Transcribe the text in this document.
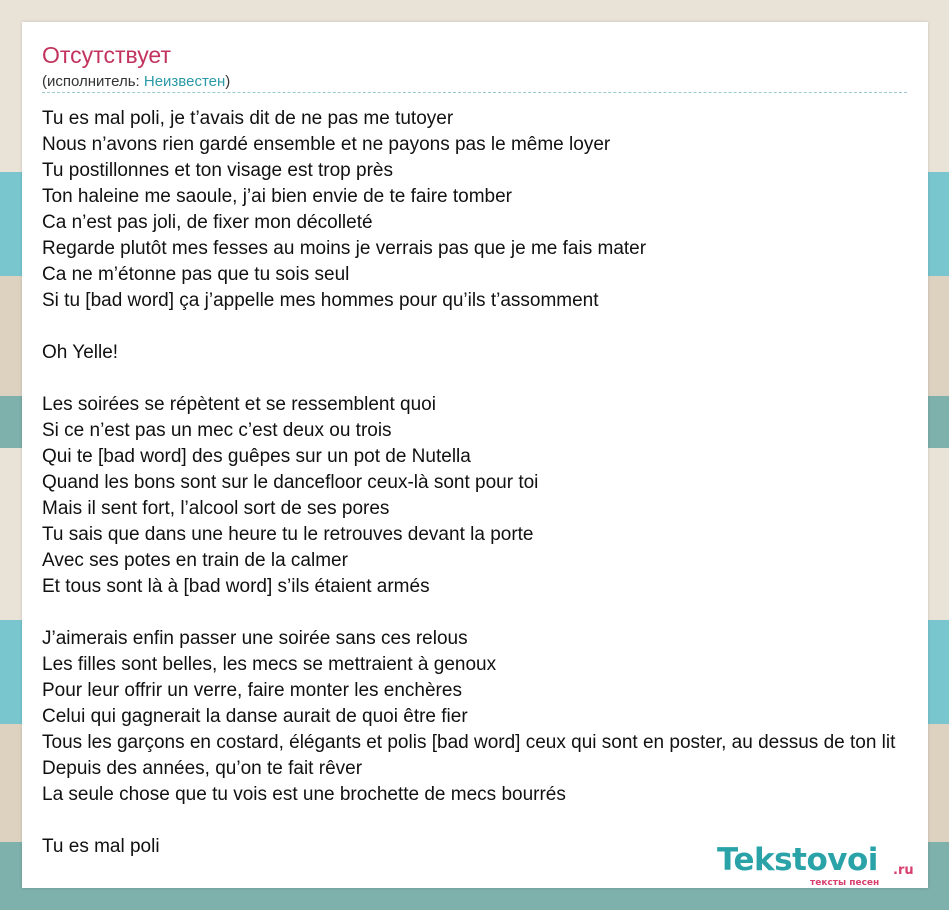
Отсутствует
(исполнитель: Неизвестен)
Tu es mal poli, je t’avais dit de ne pas me tutoyer
Nous n’avons rien gardé ensemble et ne payons pas le même loyer
Tu postillonnes et ton visage est trop près
Ton haleine me saoule, j’ai bien envie de te faire tomber
Ca n’est pas joli, de fixer mon décolleté
Regarde plutôt mes fesses au moins je verrais pas que je me fais mater
Ca ne m’étonne pas que tu sois seul
Si tu [bad word] ça j’appelle mes hommes pour qu’ils t’assomment
Oh Yelle!
Les soirées se répètent et se ressemblent quoi
Si ce n’est pas un mec c’est deux ou trois
Qui te [bad word] des guêpes sur un pot de Nutella
Quand les bons sont sur le dancefloor ceux-là sont pour toi
Mais il sent fort, l’alcool sort de ses pores
Tu sais que dans une heure tu le retrouves devant la porte
Avec ses potes en train de la calmer
Et tous sont là à [bad word] s’ils étaient armés
J’aimerais enfin passer une soirée sans ces relous
Les filles sont belles, les mecs se mettraient à genoux
Pour leur offrir un verre, faire monter les enchères
Celui qui gagnerait la danse aurait de quoi être fier
Tous les garçons en costard, élégants et polis [bad word] ceux qui sont en poster, au dessus de ton lit
Depuis des années, qu’on te fait rêver
La seule chose que tu vois est une brochette de mecs bourrés
Tu es mal poli	Tekstovoi .ru
тексты песен
